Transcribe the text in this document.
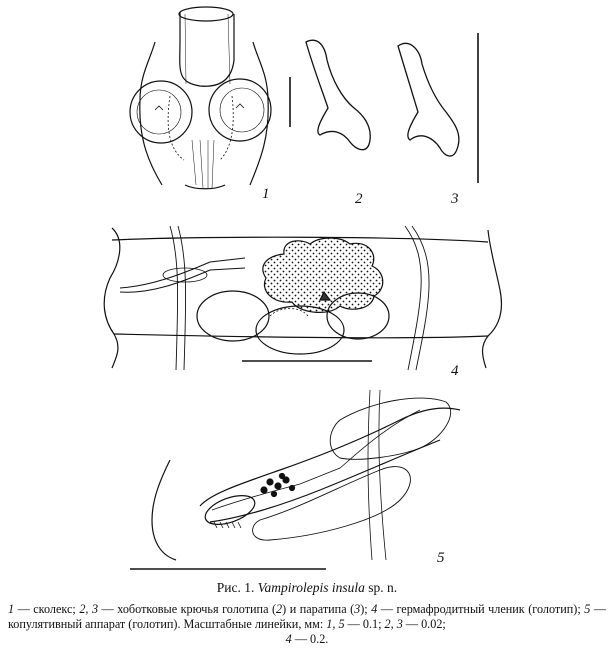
1	2	3
4
5

Рис. 1. Vampirolepis insula sp. n.

1 — сколекс; 2, 3 — хоботковые крючья голотипа (2) и паратипа (3); 4 — гермафродитный членик (голотип); 5 — копулятивный аппарат (голотип). Масштабные линейки, мм: 1, 5 — 0.1; 2, 3 — 0.02;
4 — 0.2.
